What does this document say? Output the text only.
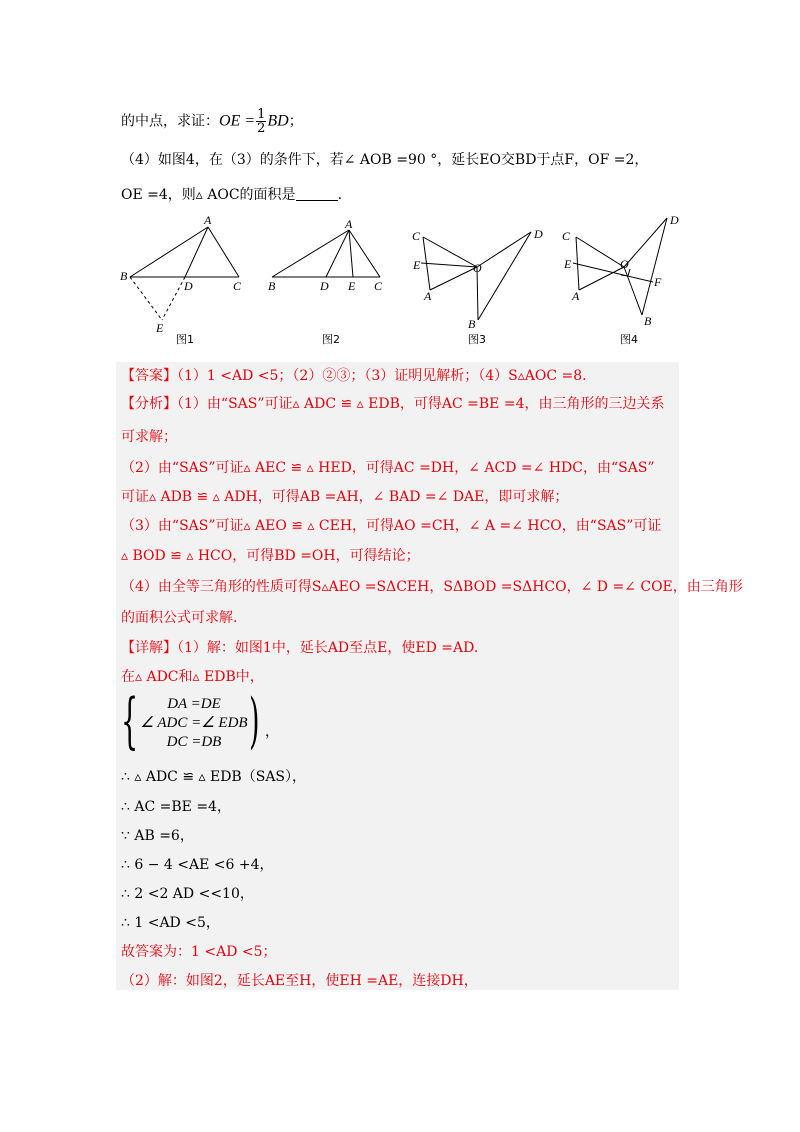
的中点，求证：OE = $\frac{1}{2}$ BD；
（4）如图4，在（3）的条件下，若∠ AOB =90 °，延长EO交BD于点F，OF =2，
OE =4，则▵ AOC的面积是	.
A
B
D	C
E
图1
A
B	D E C
图2
C	D
E	O
A
B
图3
D
C
E	O
F
A
B
图4
【答案】（1）1 <AD <5；（2）②③；（3）证明见解析；（4）S▵AOC =8.
【分析】（1）由“SAS”可证▵ ADC ≌ ▵ EDB，可得AC =BE =4，由三角形的三边关系
可求解；
（2）由“SAS”可证▵ AEC ≌ ▵ HED，可得AC =DH，∠ ACD =∠ HDC，由“SAS”
可证▵ ADB ≌ ▵ ADH，可得AB =AH，∠ BAD =∠ DAE，即可求解；
（3）由“SAS”可证▵ AEO ≌ ▵ CEH，可得AO =CH，∠ A =∠ HCO，由“SAS”可证
▵ BOD ≌ ▵ HCO，可得BD =OH，可得结论；
（4）由全等三角形的性质可得S▵AEO =SΔCEH，SΔBOD =SΔHCO，∠ D =∠ COE，由三角形
的面积公式可求解.
【详解】（1）解：如图1中，延长AD至点E，使ED =AD.
在▵ ADC和▵ EDB中，
{	DA =DE
∠ ADC =∠ EDB
DC =DB ) ，
∴ ▵ ADC ≌ ▵ EDB（SAS），
∴ AC =BE =4，
∵ AB =6，
∴ 6 − 4 <AE <6 +4，
∴ 2 <2 AD <<10，
∴ 1 <AD <5，
故答案为：1 <AD <5；
（2）解：如图2，延长AE至H，使EH =AE，连接DH，
